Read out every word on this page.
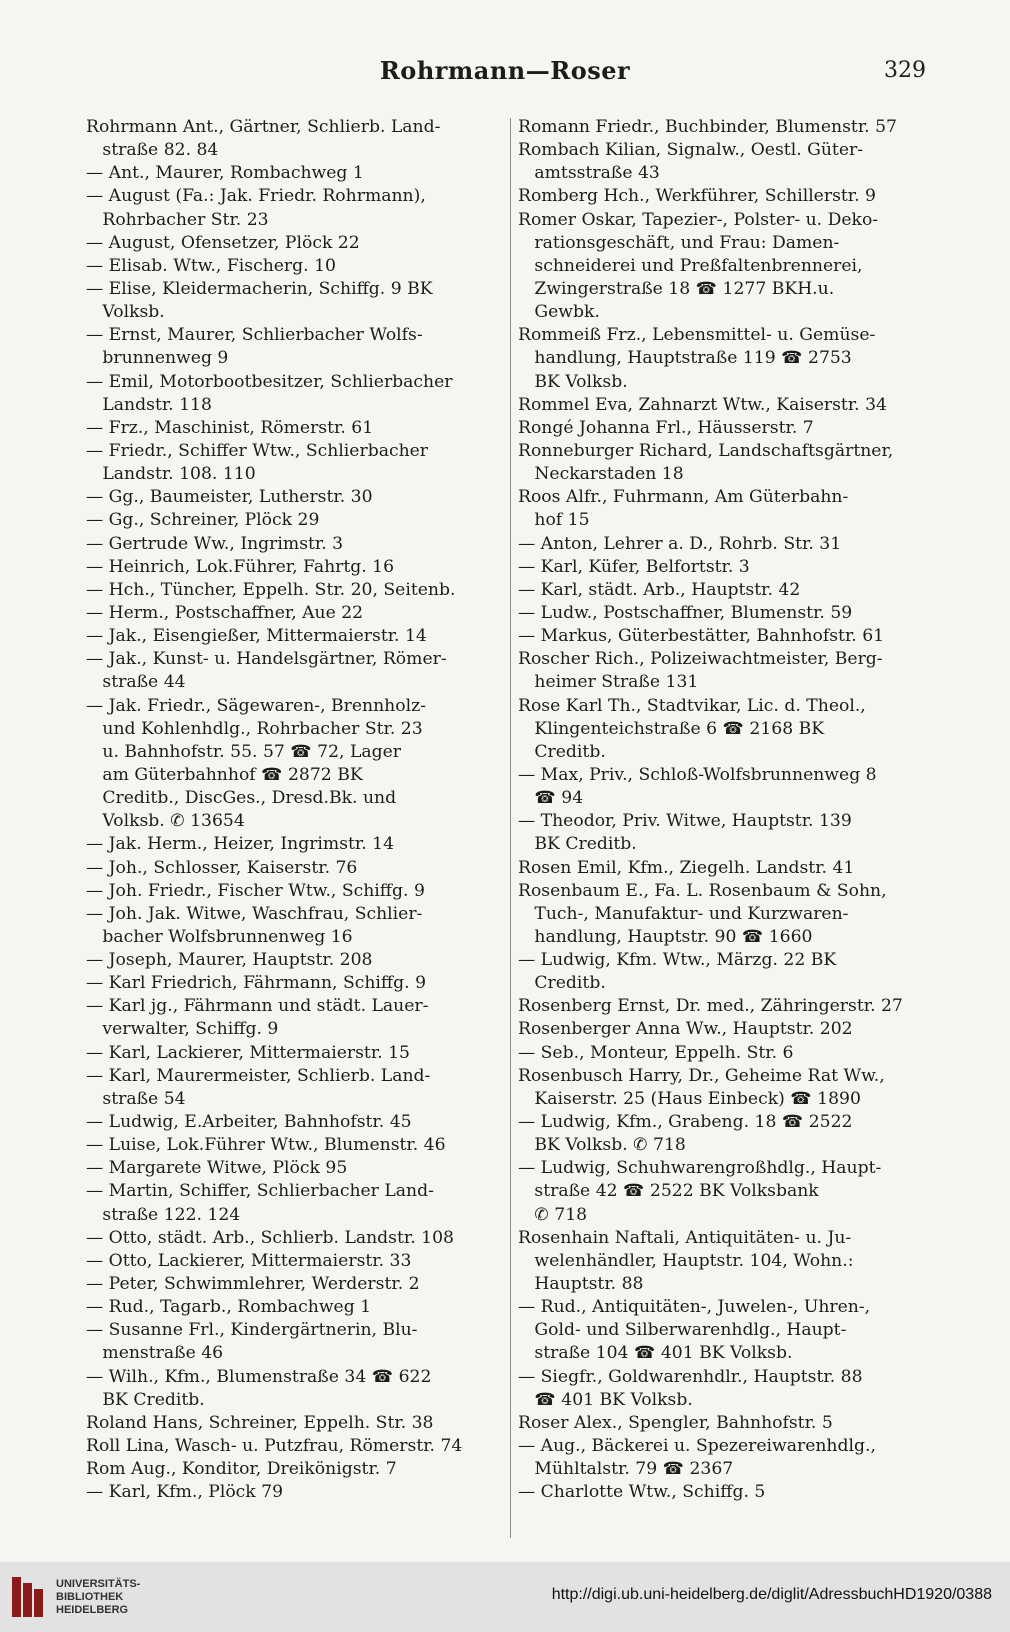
Rohrmann—Roser	329
Rohrmann Ant., Gärtner, Schlierb. Land-
straße 82. 84
— Ant., Maurer, Rombachweg 1
— August (Fa.: Jak. Friedr. Rohrmann),
Rohrbacher Str. 23
— August, Ofensetzer, Plöck 22
— Elisab. Wtw., Fischerg. 10
— Elise, Kleidermacherin, Schiffg. 9 BK
Volksb.
— Ernst, Maurer, Schlierbacher Wolfs-
brunnenweg 9
— Emil, Motorbootbesitzer, Schlierbacher
Landstr. 118
— Frz., Maschinist, Römerstr. 61
— Friedr., Schiffer Wtw., Schlierbacher
Landstr. 108. 110
— Gg., Baumeister, Lutherstr. 30
— Gg., Schreiner, Plöck 29
— Gertrude Ww., Ingrimstr. 3
— Heinrich, Lok.Führer, Fahrtg. 16
— Hch., Tüncher, Eppelh. Str. 20, Seitenb.
— Herm., Postschaffner, Aue 22
— Jak., Eisengießer, Mittermaierstr. 14
— Jak., Kunst- u. Handelsgärtner, Römer-
straße 44
— Jak. Friedr., Sägewaren-, Brennholz-
und Kohlenhdlg., Rohrbacher Str. 23
u. Bahnhofstr. 55. 57 ☎ 72, Lager
am Güterbahnhof ☎ 2872 BK
Creditb., DiscGes., Dresd.Bk. und
Volksb. ✆ 13654
— Jak. Herm., Heizer, Ingrimstr. 14
— Joh., Schlosser, Kaiserstr. 76
— Joh. Friedr., Fischer Wtw., Schiffg. 9
— Joh. Jak. Witwe, Waschfrau, Schlier-
bacher Wolfsbrunnenweg 16
— Joseph, Maurer, Hauptstr. 208
— Karl Friedrich, Fährmann, Schiffg. 9
— Karl jg., Fährmann und städt. Lauer-
verwalter, Schiffg. 9
— Karl, Lackierer, Mittermaierstr. 15
— Karl, Maurermeister, Schlierb. Land-
straße 54
— Ludwig, E.Arbeiter, Bahnhofstr. 45
— Luise, Lok.Führer Wtw., Blumenstr. 46
— Margarete Witwe, Plöck 95
— Martin, Schiffer, Schlierbacher Land-
straße 122. 124
— Otto, städt. Arb., Schlierb. Landstr. 108
— Otto, Lackierer, Mittermaierstr. 33
— Peter, Schwimmlehrer, Werderstr. 2
— Rud., Tagarb., Rombachweg 1
— Susanne Frl., Kindergärtnerin, Blu-
menstraße 46
— Wilh., Kfm., Blumenstraße 34 ☎ 622
BK Creditb.
Roland Hans, Schreiner, Eppelh. Str. 38
Roll Lina, Wasch- u. Putzfrau, Römerstr. 74
Rom Aug., Konditor, Dreikönigstr. 7
— Karl, Kfm., Plöck 79
Romann Friedr., Buchbinder, Blumenstr. 57
Rombach Kilian, Signalw., Oestl. Güter-
amtsstraße 43
Romberg Hch., Werkführer, Schillerstr. 9
Romer Oskar, Tapezier-, Polster- u. Deko-
rationsgeschäft, und Frau: Damen-
schneiderei und Preßfaltenbrennerei,
Zwingerstraße 18 ☎ 1277 BKH.u.
Gewbk.
Rommeiß Frz., Lebensmittel- u. Gemüse-
handlung, Hauptstraße 119 ☎ 2753
BK Volksb.
Rommel Eva, Zahnarzt Wtw., Kaiserstr. 34
Rongé Johanna Frl., Häusserstr. 7
Ronneburger Richard, Landschaftsgärtner,
Neckarstaden 18
Roos Alfr., Fuhrmann, Am Güterbahn-
hof 15
— Anton, Lehrer a. D., Rohrb. Str. 31
— Karl, Küfer, Belfortstr. 3
— Karl, städt. Arb., Hauptstr. 42
— Ludw., Postschaffner, Blumenstr. 59
— Markus, Güterbestätter, Bahnhofstr. 61
Roscher Rich., Polizeiwachtmeister, Berg-
heimer Straße 131
Rose Karl Th., Stadtvikar, Lic. d. Theol.,
Klingenteichstraße 6 ☎ 2168 BK
Creditb.
— Max, Priv., Schloß-Wolfsbrunnenweg 8
☎ 94
— Theodor, Priv. Witwe, Hauptstr. 139
BK Creditb.
Rosen Emil, Kfm., Ziegelh. Landstr. 41
Rosenbaum E., Fa. L. Rosenbaum & Sohn,
Tuch-, Manufaktur- und Kurzwaren-
handlung, Hauptstr. 90 ☎ 1660
— Ludwig, Kfm. Wtw., Märzg. 22 BK
Creditb.
Rosenberg Ernst, Dr. med., Zähringerstr. 27
Rosenberger Anna Ww., Hauptstr. 202
— Seb., Monteur, Eppelh. Str. 6
Rosenbusch Harry, Dr., Geheime Rat Ww.,
Kaiserstr. 25 (Haus Einbeck) ☎ 1890
— Ludwig, Kfm., Grabeng. 18 ☎ 2522
BK Volksb. ✆ 718
— Ludwig, Schuhwarengroßhdlg., Haupt-
straße 42 ☎ 2522 BK Volksbank
✆ 718
Rosenhain Naftali, Antiquitäten- u. Ju-
welenhändler, Hauptstr. 104, Wohn.:
Hauptstr. 88
— Rud., Antiquitäten-, Juwelen-, Uhren-,
Gold- und Silberwarenhdlg., Haupt-
straße 104 ☎ 401 BK Volksb.
— Siegfr., Goldwarenhdlr., Hauptstr. 88
☎ 401 BK Volksb.
Roser Alex., Spengler, Bahnhofstr. 5
— Aug., Bäckerei u. Spezereiwarenhdlg.,
Mühltalstr. 79 ☎ 2367
— Charlotte Wtw., Schiffg. 5
UNIVERSITÄTS-
BIBLIOTHEK
HEIDELBERG
http://digi.ub.uni-heidelberg.de/diglit/AdressbuchHD1920/0388
